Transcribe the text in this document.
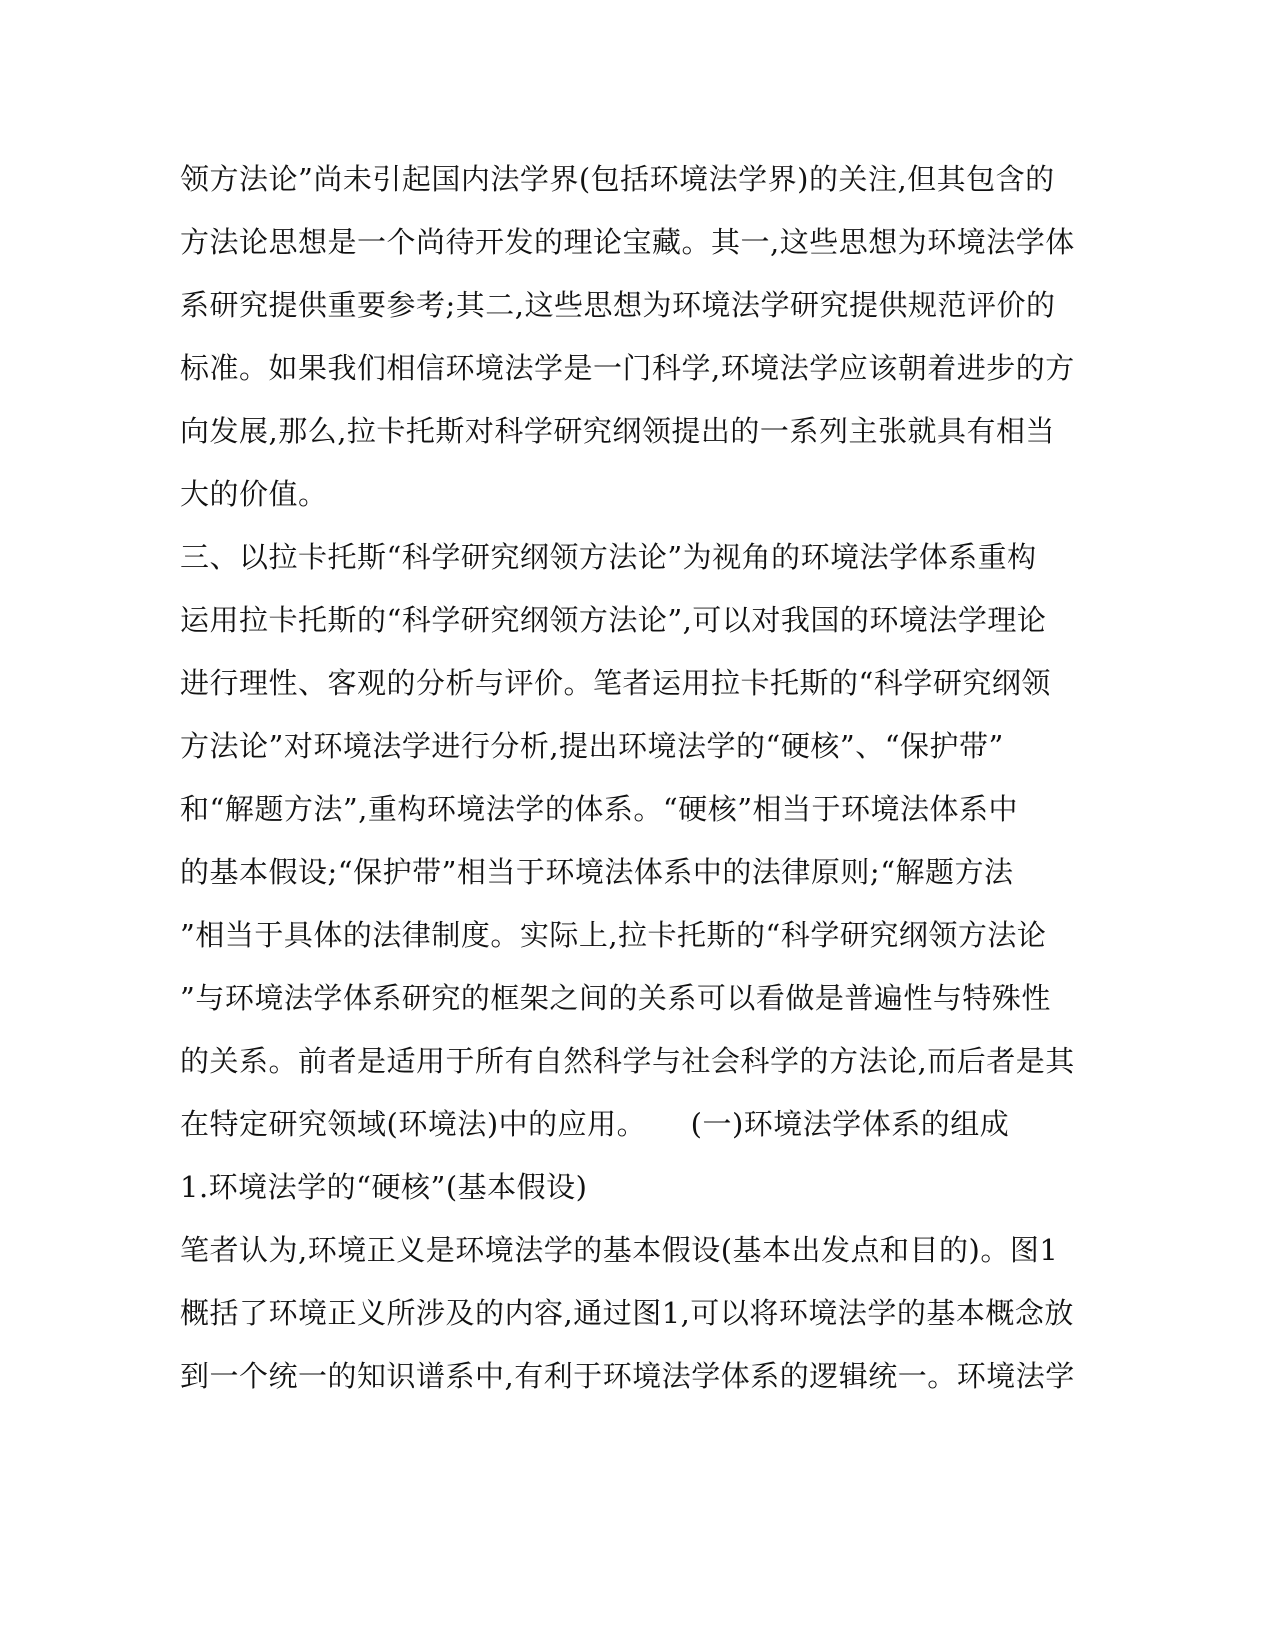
领方法论”尚未引起国内法学界(包括环境法学界)的关注,但其包含的
方法论思想是一个尚待开发的理论宝藏。其一,这些思想为环境法学体
系研究提供重要参考;其二,这些思想为环境法学研究提供规范评价的
标准。如果我们相信环境法学是一门科学,环境法学应该朝着进步的方
向发展,那么,拉卡托斯对科学研究纲领提出的一系列主张就具有相当
大的价值。
三、以拉卡托斯“科学研究纲领方法论”为视角的环境法学体系重构
运用拉卡托斯的“科学研究纲领方法论”,可以对我国的环境法学理论
进行理性、客观的分析与评价。笔者运用拉卡托斯的“科学研究纲领
方法论”对环境法学进行分析,提出环境法学的“硬核”、“保护带”
和“解题方法”,重构环境法学的体系。“硬核”相当于环境法体系中
的基本假设;“保护带”相当于环境法体系中的法律原则;“解题方法
”相当于具体的法律制度。实际上,拉卡托斯的“科学研究纲领方法论
”与环境法学体系研究的框架之间的关系可以看做是普遍性与特殊性
的关系。前者是适用于所有自然科学与社会科学的方法论,而后者是其
在特定研究领域(环境法)中的应用。　　(一)环境法学体系的组成
1.环境法学的“硬核”(基本假设)
笔者认为,环境正义是环境法学的基本假设(基本出发点和目的)。图1
概括了环境正义所涉及的内容,通过图1,可以将环境法学的基本概念放
到一个统一的知识谱系中,有利于环境法学体系的逻辑统一。环境法学
